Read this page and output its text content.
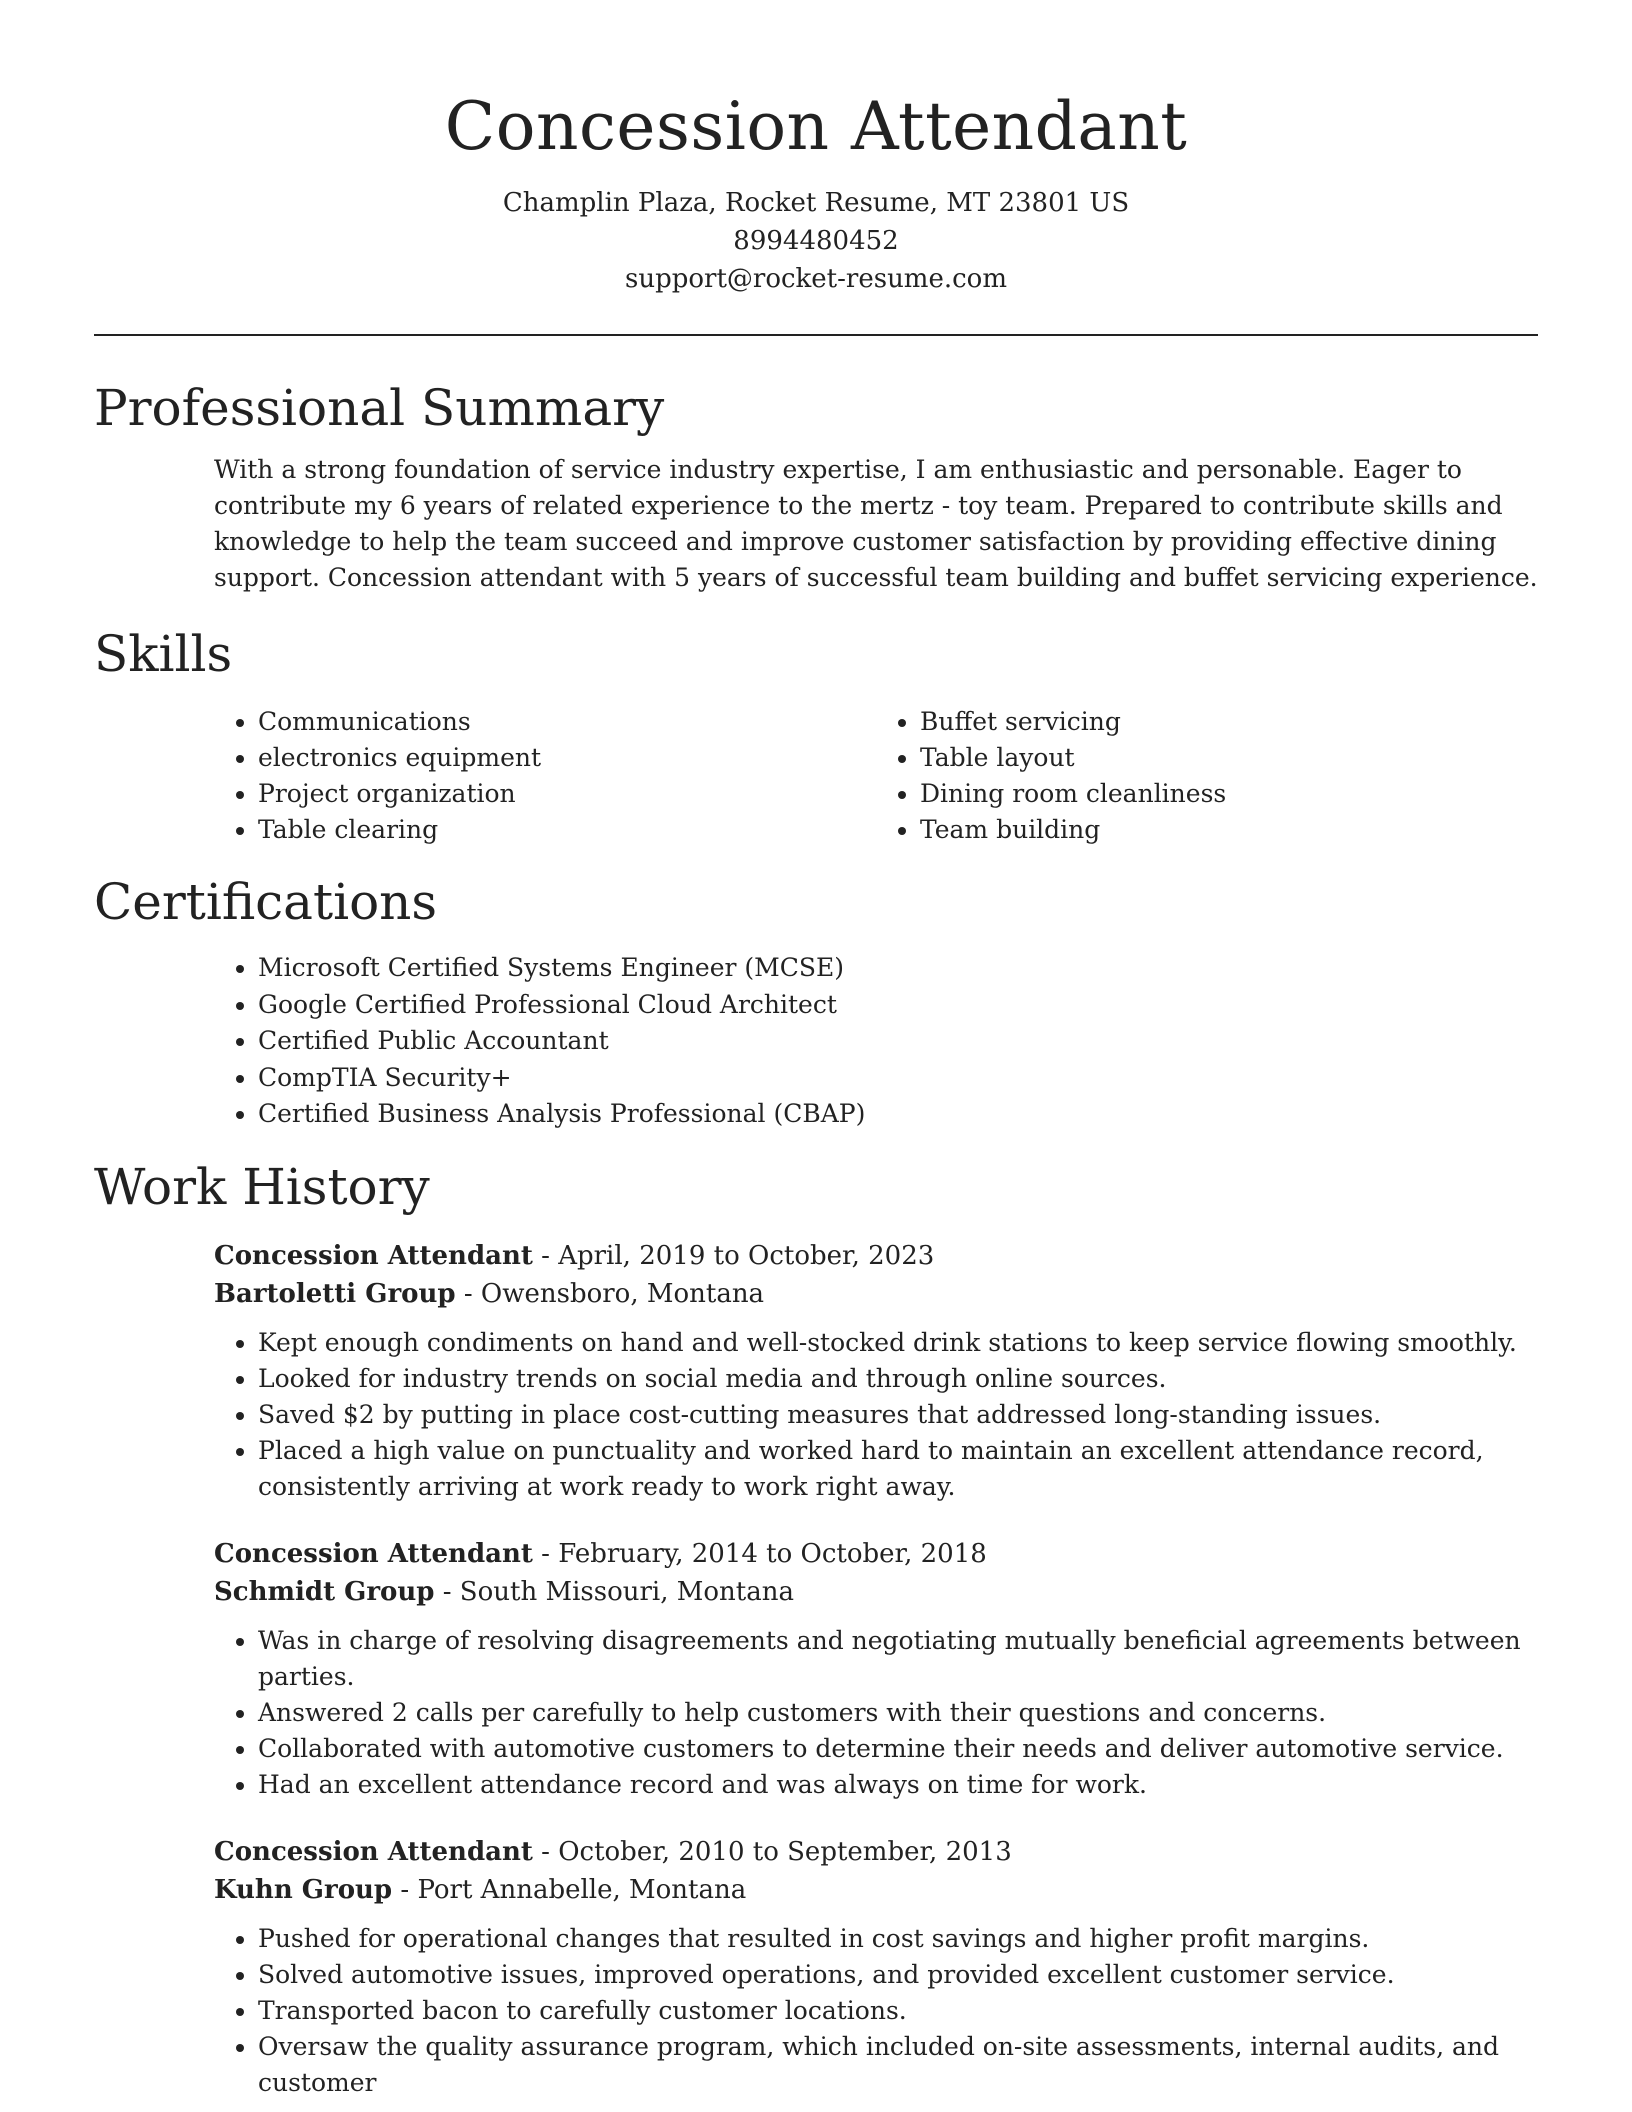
Concession Attendant
Champlin Plaza, Rocket Resume, MT 23801 US
8994480452
support@rocket-resume.com
Professional Summary

With a strong foundation of service industry expertise, I am enthusiastic and personable. Eager to contribute my 6 years of related experience to the mertz - toy team. Prepared to contribute skills and knowledge to help the team succeed and improve customer satisfaction by providing effective dining support. Concession attendant with 5 years of successful team building and buffet servicing experience.

Skills
• Communications
• electronics equipment
• Project organization
• Table clearing
• Buffet servicing
• Table layout
• Dining room cleanliness
• Team building
Certifications
• Microsoft Certified Systems Engineer (MCSE)
• Google Certified Professional Cloud Architect
• Certified Public Accountant
• CompTIA Security+
• Certified Business Analysis Professional (CBAP)
Work History
Concession Attendant - April, 2019 to October, 2023
Bartoletti Group - Owensboro, Montana
• Kept enough condiments on hand and well-stocked drink stations to keep service flowing smoothly.
• Looked for industry trends on social media and through online sources.
• Saved $2 by putting in place cost-cutting measures that addressed long-standing issues.
• Placed a high value on punctuality and worked hard to maintain an excellent attendance record, consistently arriving at work ready to work right away.
Concession Attendant - February, 2014 to October, 2018
Schmidt Group - South Missouri, Montana
• Was in charge of resolving disagreements and negotiating mutually beneficial agreements between parties.
• Answered 2 calls per carefully to help customers with their questions and concerns.
• Collaborated with automotive customers to determine their needs and deliver automotive service.
• Had an excellent attendance record and was always on time for work.
Concession Attendant - October, 2010 to September, 2013
Kuhn Group - Port Annabelle, Montana
• Pushed for operational changes that resulted in cost savings and higher profit margins.
• Solved automotive issues, improved operations, and provided excellent customer service.
• Transported bacon to carefully customer locations.
• Oversaw the quality assurance program, which included on-site assessments, internal audits, and customer
